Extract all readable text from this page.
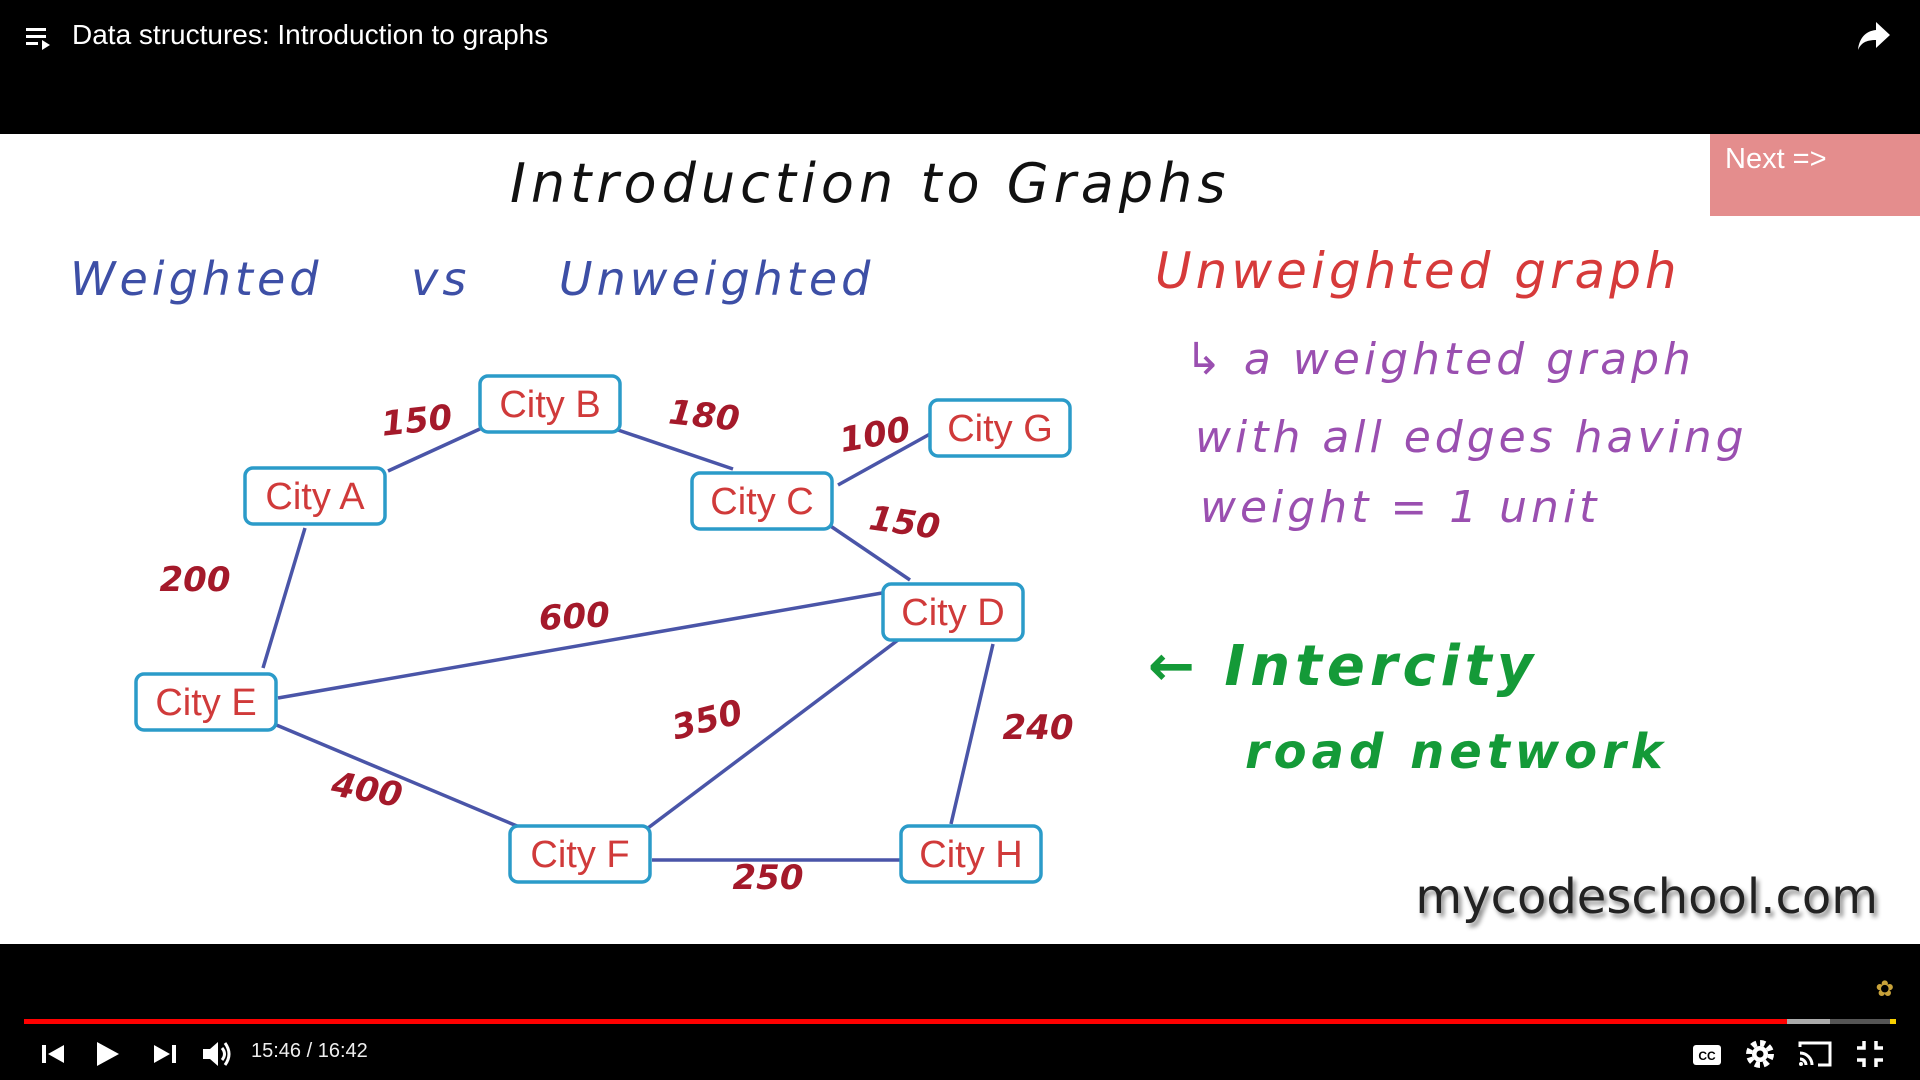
Data structures: Introduction to graphs
Next =>
Introduction to Graphs
Weighted vs Unweighted	Unweighted graph
↳ a weighted graph
with all edges having
weight = 1 unit
← Intercity
road network
150	180	100
150
200
600
350	240
400
250
City A
City B
City C
City G
City D
City E
City F	City H
mycodeschool.com
✿
15:46 / 16:42	CC
